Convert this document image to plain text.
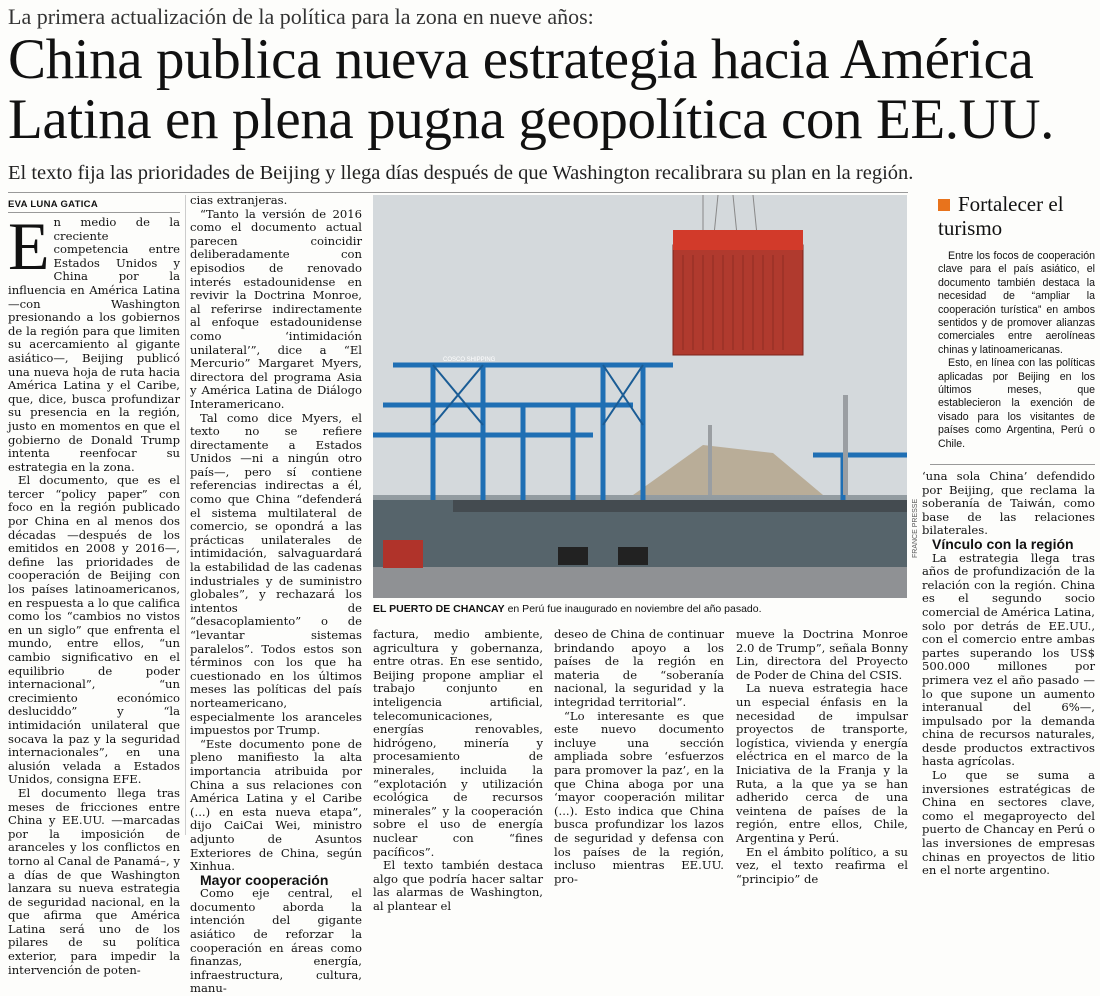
La primera actualización de la política para la zona en nueve años:
China publica nueva estrategia hacia América Latina en plena pugna geopolítica con EE.UU.
El texto fija las prioridades de Beijing y llega días después de que Washington recalibrara su plan en la región.
EVA LUNA GATICA

En medio de la creciente competencia entre Estados Unidos y China por la influencia en América Latina —con Washington presionando a los gobiernos de la región para que limiten su acercamiento al gigante asiático—, Beijing publicó una nueva hoja de ruta hacia América Latina y el Caribe, que, dice, busca profundizar su presencia en la región, justo en momentos en que el gobierno de Donald Trump intenta reenfocar su estrategia en la zona.

El documento, que es el tercer “policy paper” con foco en la región publicado por China en al menos dos décadas —después de los emitidos en 2008 y 2016—, define las prioridades de cooperación de Beijing con los países latinoamericanos, en respuesta a lo que califica como los “cambios no vistos en un siglo” que enfrenta el mundo, entre ellos, “un cambio significativo en el equilibrio de poder internacional”, “un crecimiento económico desluciddo” y “la intimidación unilateral que socava la paz y la seguridad internacionales”, en una alusión velada a Estados Unidos, consigna EFE.

El documento llega tras meses de fricciones entre China y EE.UU. —marcadas por la imposición de aranceles y los conflictos en torno al Canal de Panamá–, y a días de que Washington lanzara su nueva estrategia de seguridad nacional, en la que afirma que América Latina será uno de los pilares de su política exterior, para impedir la intervención de poten-

cias extranjeras.

“Tanto la versión de 2016 como el documento actual parecen coincidir deliberadamente con episodios de renovado interés estadounidense en revivir la Doctrina Monroe, al referirse indirectamente al enfoque estadounidense como ‘intimidación unilateral’”, dice a “El Mercurio” Margaret Myers, directora del programa Asia y América Latina de Diálogo Interamericano.

Tal como dice Myers, el texto no se refiere directamente a Estados Unidos —ni a ningún otro país—, pero sí contiene referencias indirectas a él, como que China “defenderá el sistema multilateral de comercio, se opondrá a las prácticas unilaterales de intimidación, salvaguardará la estabilidad de las cadenas industriales y de suministro globales”, y rechazará los intentos de “desacoplamiento” o de “levantar sistemas paralelos”. Todos estos son términos con los que ha cuestionado en los últimos meses las políticas del país norteamericano, especialmente los aranceles impuestos por Trump.

“Este documento pone de pleno manifiesto la alta importancia atribuida por China a sus relaciones con América Latina y el Caribe (...) en esta nueva etapa”, dijo CaiCai Wei, ministro adjunto de Asuntos Exteriores de China, según Xinhua.

Mayor cooperación

Como eje central, el documento aborda la intención del gigante asiático de reforzar la cooperación en áreas como finanzas, energía, infraestructura, cultura, manu-

COSCO SHIPPING
FRANCE PRESSE
EL PUERTO DE CHANCAY en Perú fue inaugurado en noviembre del año pasado.

factura, medio ambiente, agricultura y gobernanza, entre otras. En ese sentido, Beijing propone ampliar el trabajo conjunto en inteligencia artificial, telecomunicaciones, energías renovables, hidrógeno, minería y procesamiento de minerales, incluida la “explotación y utilización ecológica de recursos minerales” y la cooperación sobre el uso de energía nuclear con “fines pacíficos”.

El texto también destaca algo que podría hacer saltar las alarmas de Washington, al plantear el

deseo de China de continuar brindando apoyo a los países de la región en materia de “soberanía nacional, la seguridad y la integridad territorial”.

“Lo interesante es que este nuevo documento incluye una sección ampliada sobre ‘esfuerzos para promover la paz’, en la que China aboga por una ‘mayor cooperación militar (...). Esto indica que China busca profundizar los lazos de seguridad y defensa con los países de la región, incluso mientras EE.UU. pro-

mueve la Doctrina Monroe 2.0 de Trump”, señala Bonny Lin, directora del Proyecto de Poder de China del CSIS.

La nueva estrategia hace un especial énfasis en la necesidad de impulsar proyectos de transporte, logística, vivienda y energía eléctrica en el marco de la Iniciativa de la Franja y la Ruta, a la que ya se han adherido cerca de una veintena de países de la región, entre ellos, Chile, Argentina y Perú.

En el ámbito político, a su vez, el texto reafirma el “principio” de

Fortalecer el turismo

Entre los focos de cooperación clave para el país asiático, el documento también destaca la necesidad de “ampliar la cooperación turística” en ambos sentidos y de promover alianzas comerciales entre aerolíneas chinas y latinoamericanas.

Esto, en línea con las políticas aplicadas por Beijing en los últimos meses, que establecieron la exención de visado para los visitantes de países como Argentina, Perú o Chile.

‘una sola China’ defendido por Beijing, que reclama la soberanía de Taiwán, como base de las relaciones bilaterales.

Vínculo con la región

La estrategia llega tras años de profundización de la relación con la región. China es el segundo socio comercial de América Latina, solo por detrás de EE.UU., con el comercio entre ambas partes superando los US$ 500.000 millones por primera vez el año pasado —lo que supone un aumento interanual del 6%—, impulsado por la demanda china de recursos naturales, desde productos extractivos hasta agrícolas.

Lo que se suma a inversiones estratégicas de China en sectores clave, como el megaproyecto del puerto de Chancay en Perú o las inversiones de empresas chinas en proyectos de litio en el norte argentino.
